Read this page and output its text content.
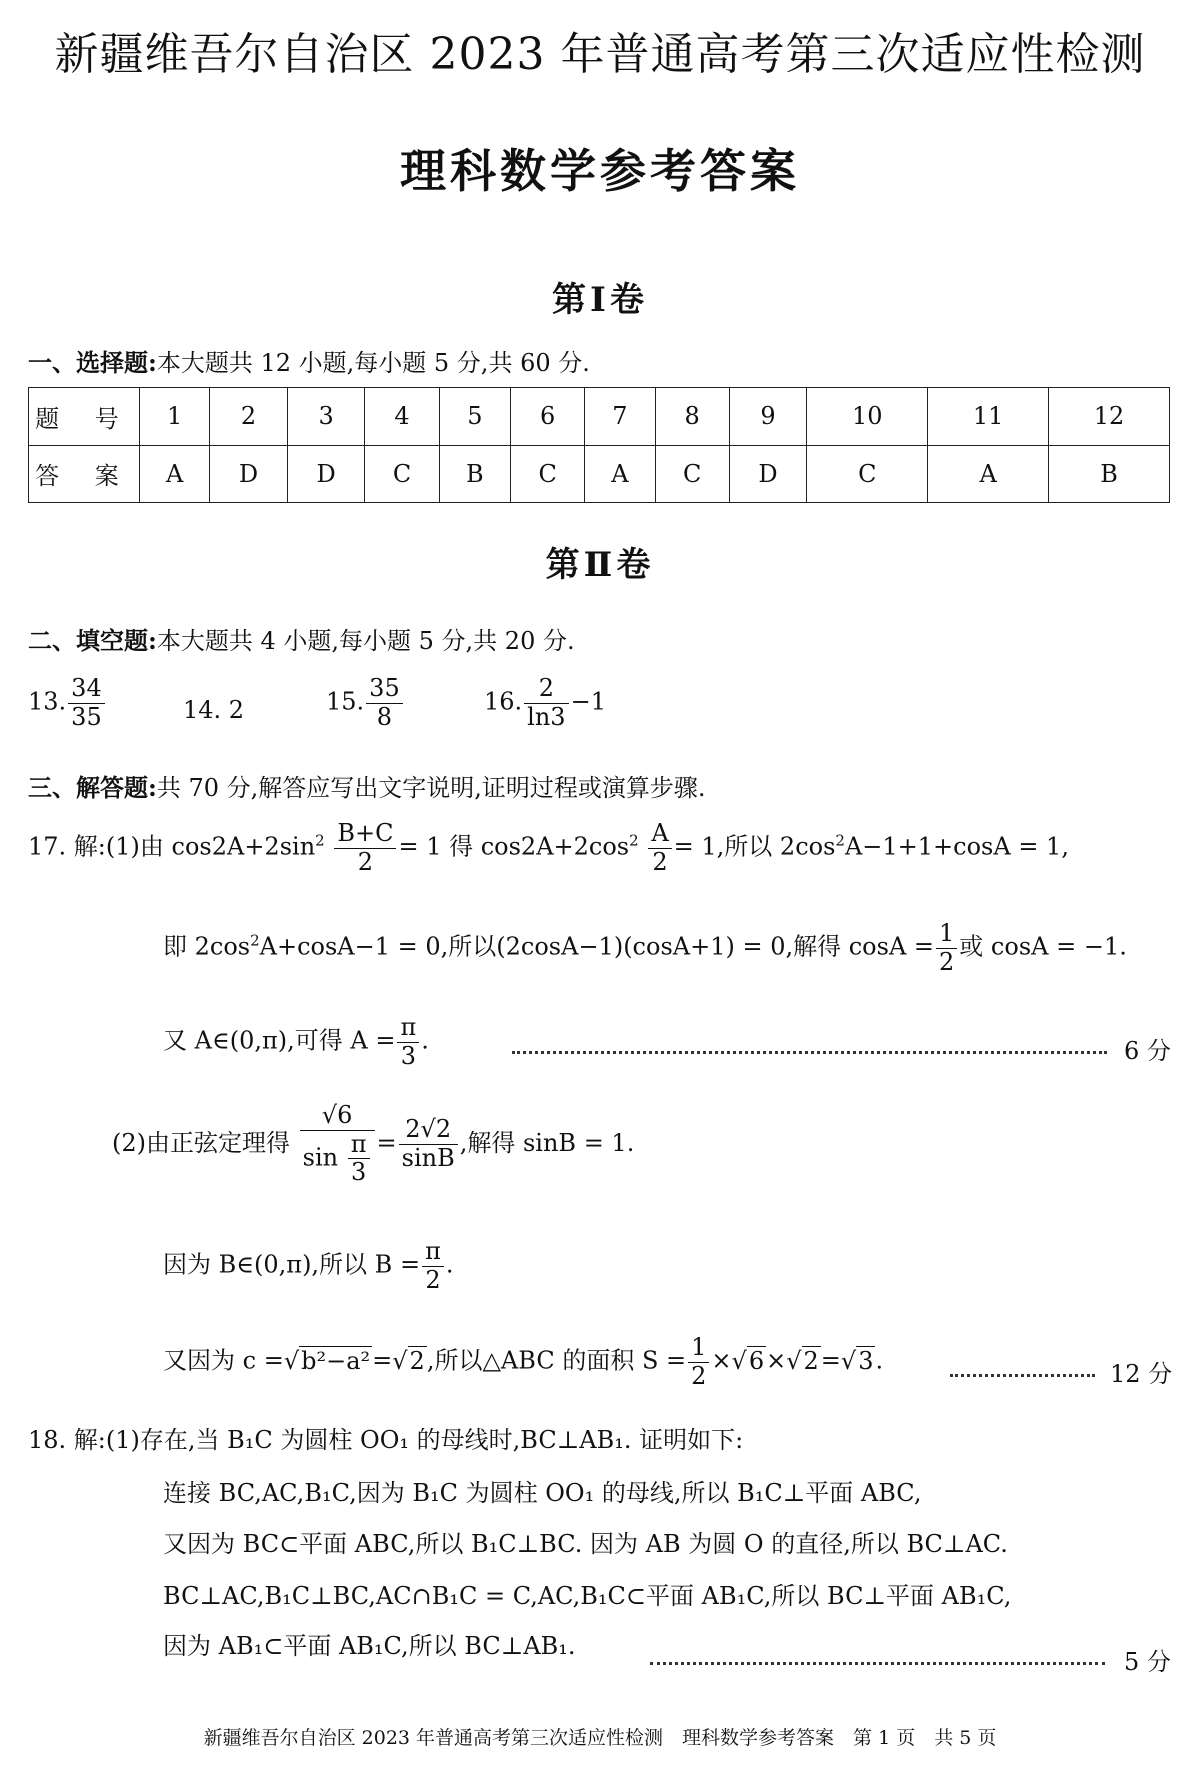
新疆维吾尔自治区 2023 年普通高考第三次适应性检测
理科数学参考答案
第Ⅰ卷
一、选择题:本大题共 12 小题,每小题 5 分,共 60 分.
题 号	1	2	3	4	5	6	7	8	9	10	11	12
答 案	A	D	D	C	B	C	A	C	D	C	A	B
第Ⅱ卷
二、填空题:本大题共 4 小题,每小题 5 分,共 20 分.
13. $\frac{34}{35}$	14. 2	15. $\frac{35}{8}$	16. $\frac{2}{\ln 3} -1$
三、解答题:共 70 分,解答应写出文字说明,证明过程或演算步骤.
17. 解:(1)由 $\cos 2A+2\sin^2 \frac{B+C}{2} = 1$ 得 $\cos 2A+2\cos^2 \frac{A}{2} = 1$,所以 $2\cos^2A-1+1+\cos A = 1$,
即 $2\cos^2A+\cos A-1 = 0$,所以(2cosA−1)(cosA+1) = 0,解得 $\cos A = \frac{1}{2}$ 或 cosA = −1.
又 A∈(0,π),可得 $A = \frac{\pi}{3}$ .	6 分
(2)由正弦定理得 $\frac{√6}{\sin \frac{\pi}{3}} = \frac{2√2}{\sin B}$ ,解得 sinB = 1.
因为 B∈(0,π),所以 $B = \frac{\pi}{2}$ .
又因为 c =√b²−a²=√2,所以△ABC 的面积 $S = \frac{1}{2} \times√6\times√2=√3$.	12 分
18. 解:(1)存在,当 B₁C 为圆柱 OO₁ 的母线时,BC⊥AB₁. 证明如下:
连接 BC,AC,B₁C,因为 B₁C 为圆柱 OO₁ 的母线,所以 B₁C⊥平面 ABC,
又因为 BC⊂平面 ABC,所以 B₁C⊥BC. 因为 AB 为圆 O 的直径,所以 BC⊥AC.
BC⊥AC,B₁C⊥BC,AC∩B₁C = C,AC,B₁C⊂平面 AB₁C,所以 BC⊥平面 AB₁C,
因为 AB₁⊂平面 AB₁C,所以 BC⊥AB₁.
5 分
新疆维吾尔自治区 2023 年普通高考第三次适应性检测　理科数学参考答案　第 1 页　共 5 页
